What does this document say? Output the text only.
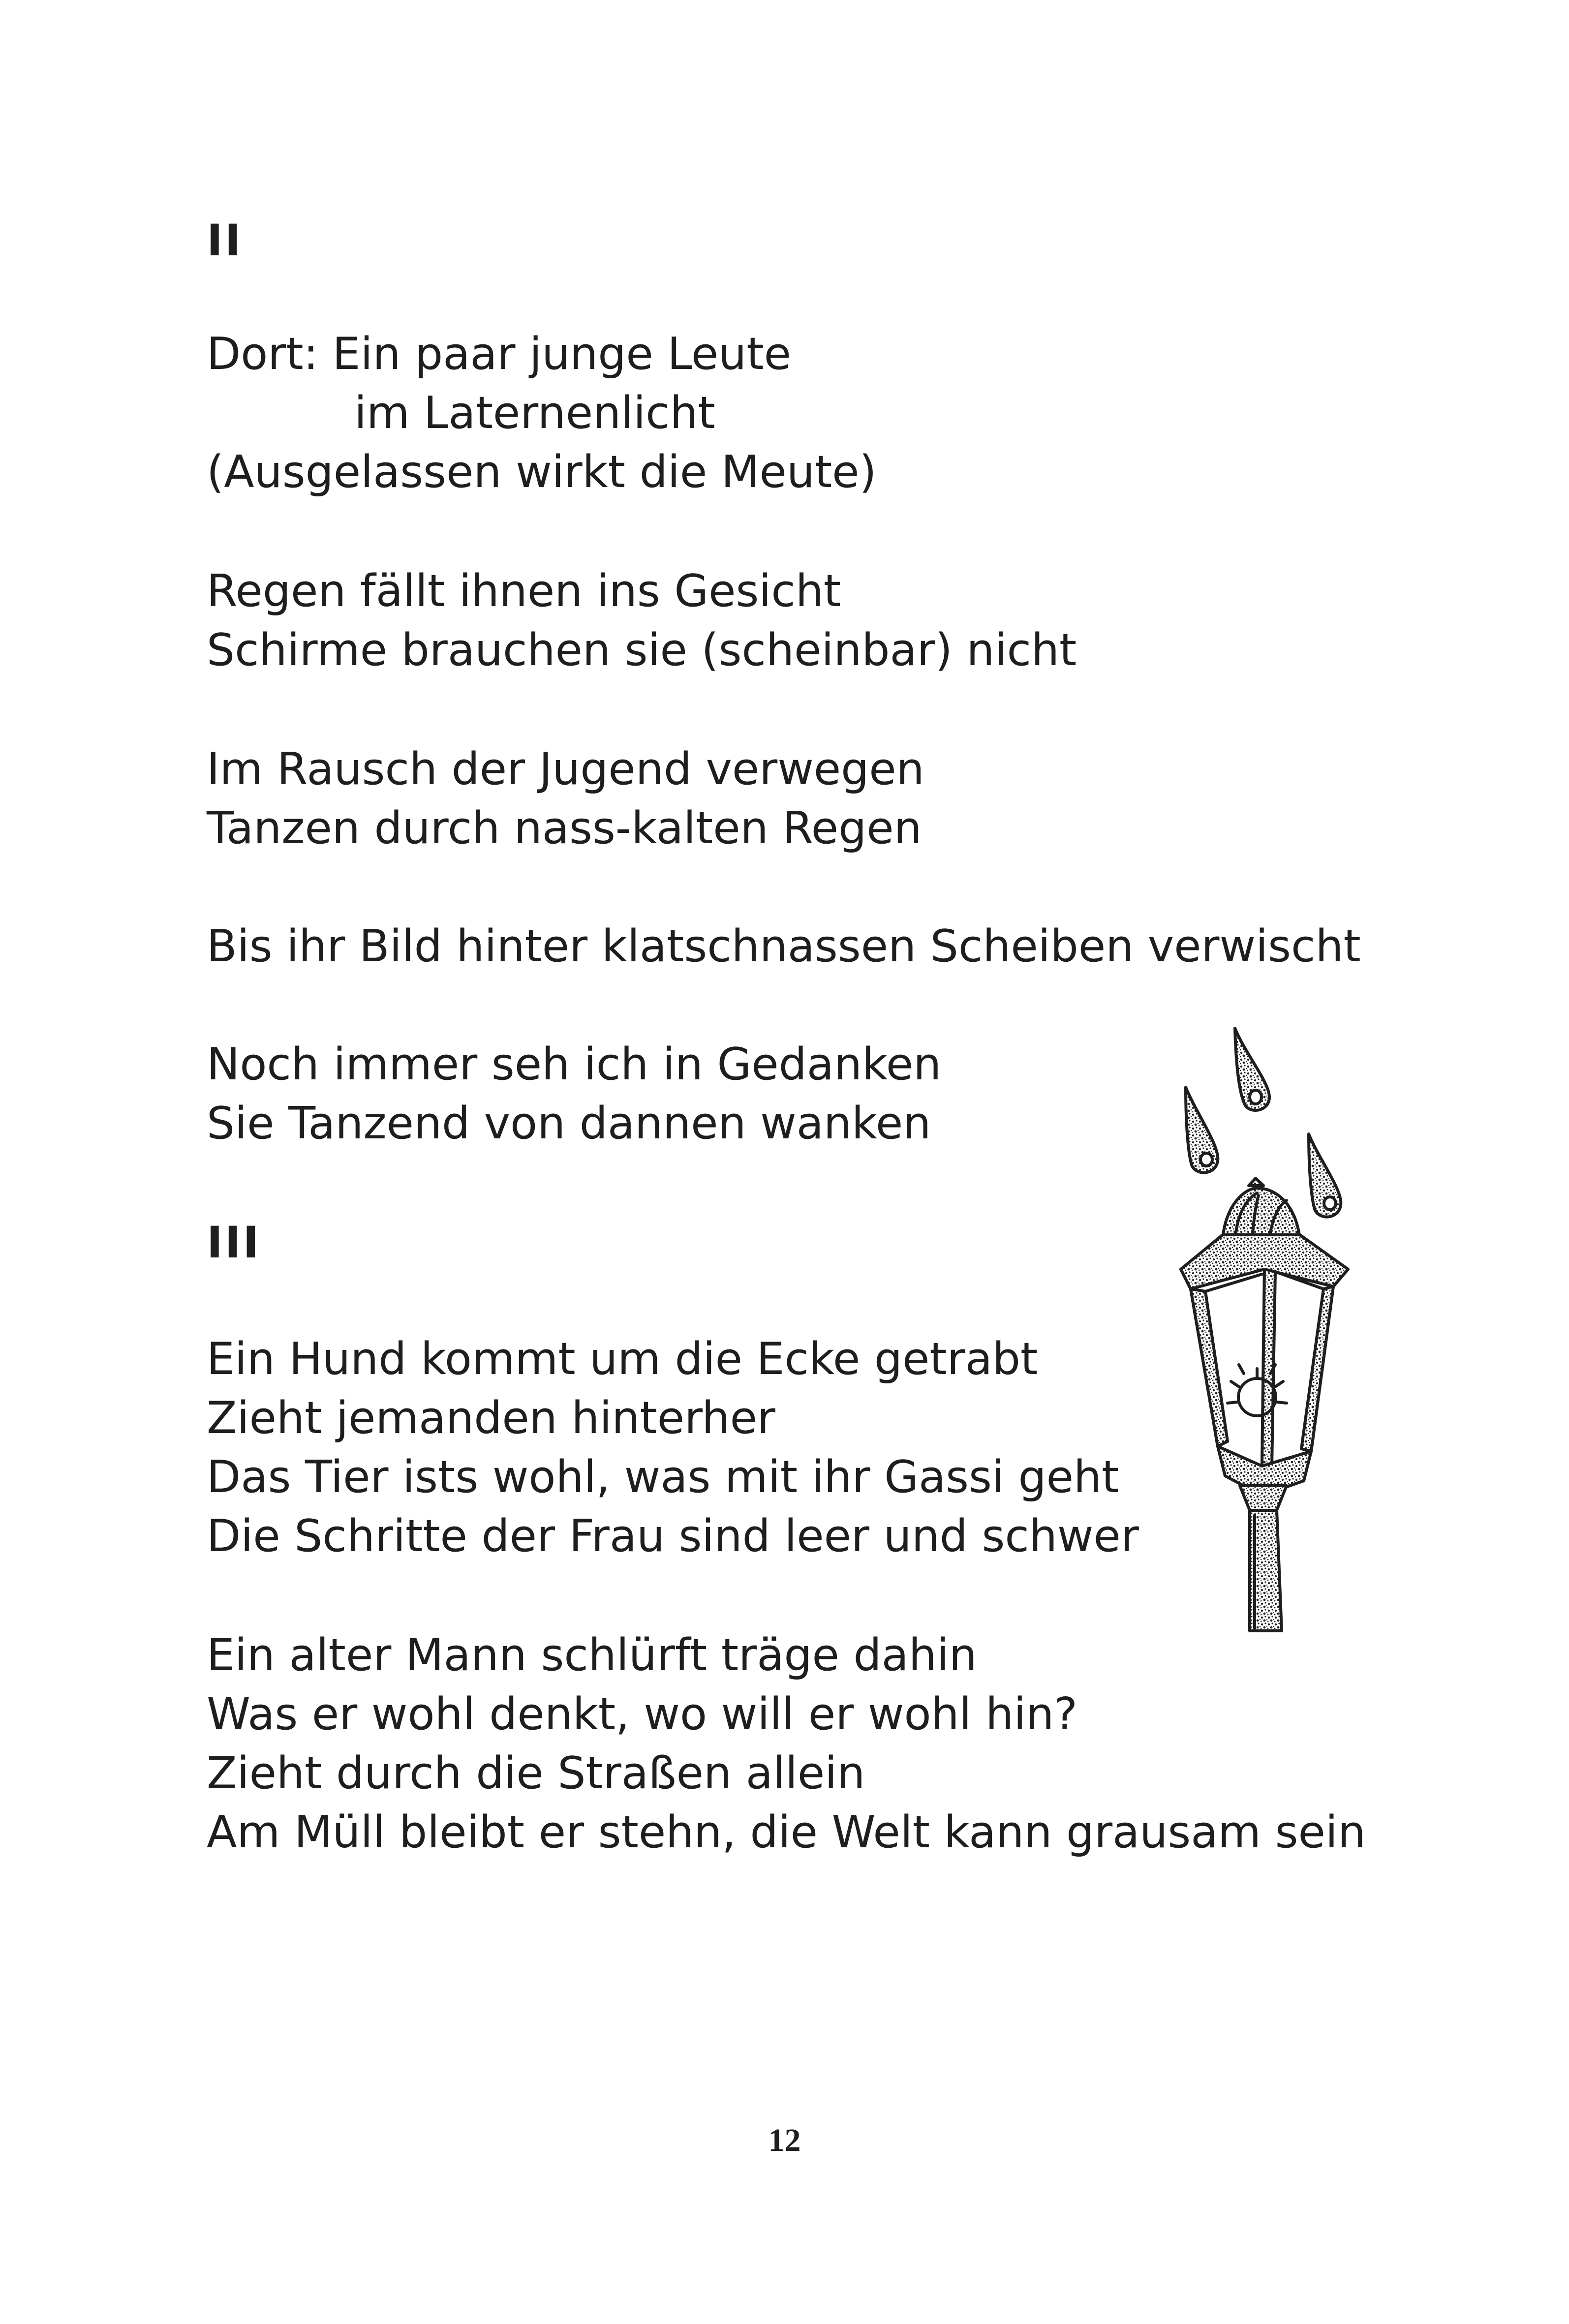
II
Dort: Ein paar junge Leute
im Laternenlicht
(Ausgelassen wirkt die Meute)
Regen fällt ihnen ins Gesicht
Schirme brauchen sie (scheinbar) nicht
Im Rausch der Jugend verwegen
Tanzen durch nass-kalten Regen
Bis ihr Bild hinter klatschnassen Scheiben verwischt
Noch immer seh ich in Gedanken
Sie Tanzend von dannen wanken
III
Ein Hund kommt um die Ecke getrabt
Zieht jemanden hinterher
Das Tier ists wohl, was mit ihr Gassi geht
Die Schritte der Frau sind leer und schwer
Ein alter Mann schlürft träge dahin
Was er wohl denkt, wo will er wohl hin?
Zieht durch die Straßen allein
Am Müll bleibt er stehn, die Welt kann grausam sein
12
